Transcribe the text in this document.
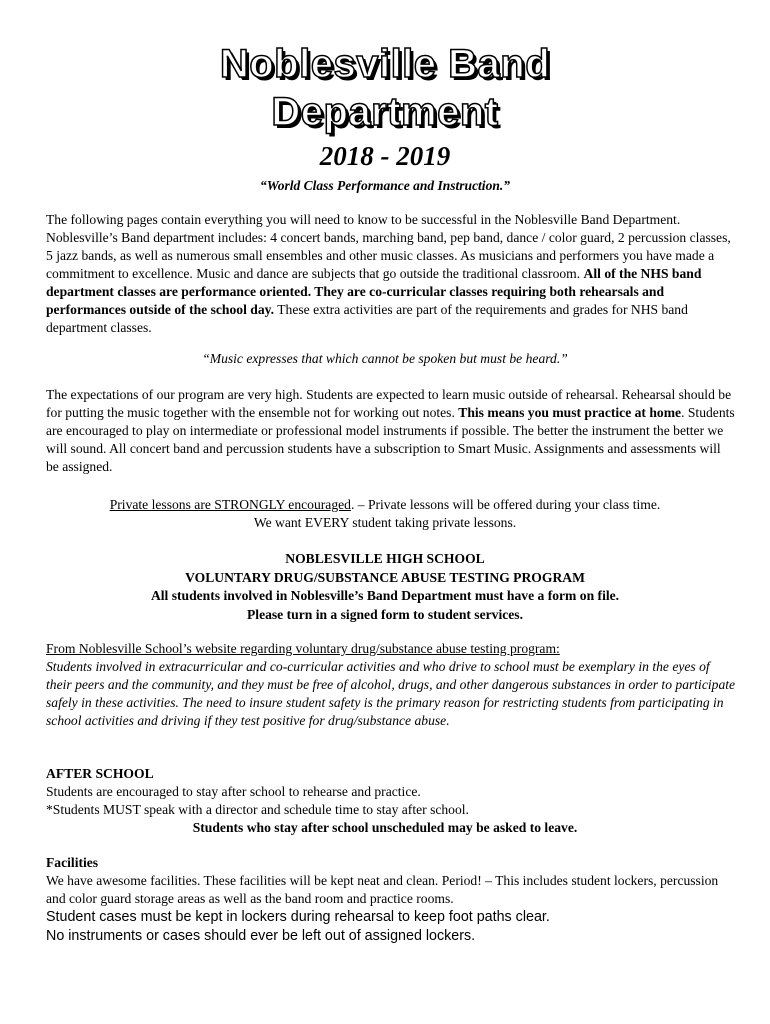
Noblesville Band
Department
2018 - 2019
“World Class Performance and Instruction.”

The following pages contain everything you will need to know to be successful in the Noblesville Band Department. Noblesville’s Band department includes: 4 concert bands, marching band, pep band, dance / color guard, 2 percussion classes, 5 jazz bands, as well as numerous small ensembles and other music classes. As musicians and performers you have made a commitment to excellence. Music and dance are subjects that go outside the traditional classroom. All of the NHS band department classes are performance oriented. They are co-curricular classes requiring both rehearsals and performances outside of the school day. These extra activities are part of the requirements and grades for NHS band department classes.

“Music expresses that which cannot be spoken but must be heard.”

The expectations of our program are very high. Students are expected to learn music outside of rehearsal. Rehearsal should be for putting the music together with the ensemble not for working out notes. This means you must practice at home. Students are encouraged to play on intermediate or professional model instruments if possible. The better the instrument the better we will sound. All concert band and percussion students have a subscription to Smart Music. Assignments and assessments will be assigned.

Private lessons are STRONGLY encouraged. – Private lessons will be offered during your class time.
We want EVERY student taking private lessons.
NOBLESVILLE HIGH SCHOOL
VOLUNTARY DRUG/SUBSTANCE ABUSE TESTING PROGRAM
All students involved in Noblesville’s Band Department must have a form on file.
Please turn in a signed form to student services.
From Noblesville School’s website regarding voluntary drug/substance abuse testing program:
Students involved in extracurricular and co-curricular activities and who drive to school must be exemplary in the eyes of their peers and the community, and they must be free of alcohol, drugs, and other dangerous substances in order to participate safely in these activities. The need to insure student safety is the primary reason for restricting students from participating in school activities and driving if they test positive for drug/substance abuse.
AFTER SCHOOL
Students are encouraged to stay after school to rehearse and practice.
*Students MUST speak with a director and schedule time to stay after school.
Students who stay after school unscheduled may be asked to leave.
Facilities
We have awesome facilities. These facilities will be kept neat and clean. Period! – This includes student lockers, percussion and color guard storage areas as well as the band room and practice rooms.
Student cases must be kept in lockers during rehearsal to keep foot paths clear.
No instruments or cases should ever be left out of assigned lockers.
